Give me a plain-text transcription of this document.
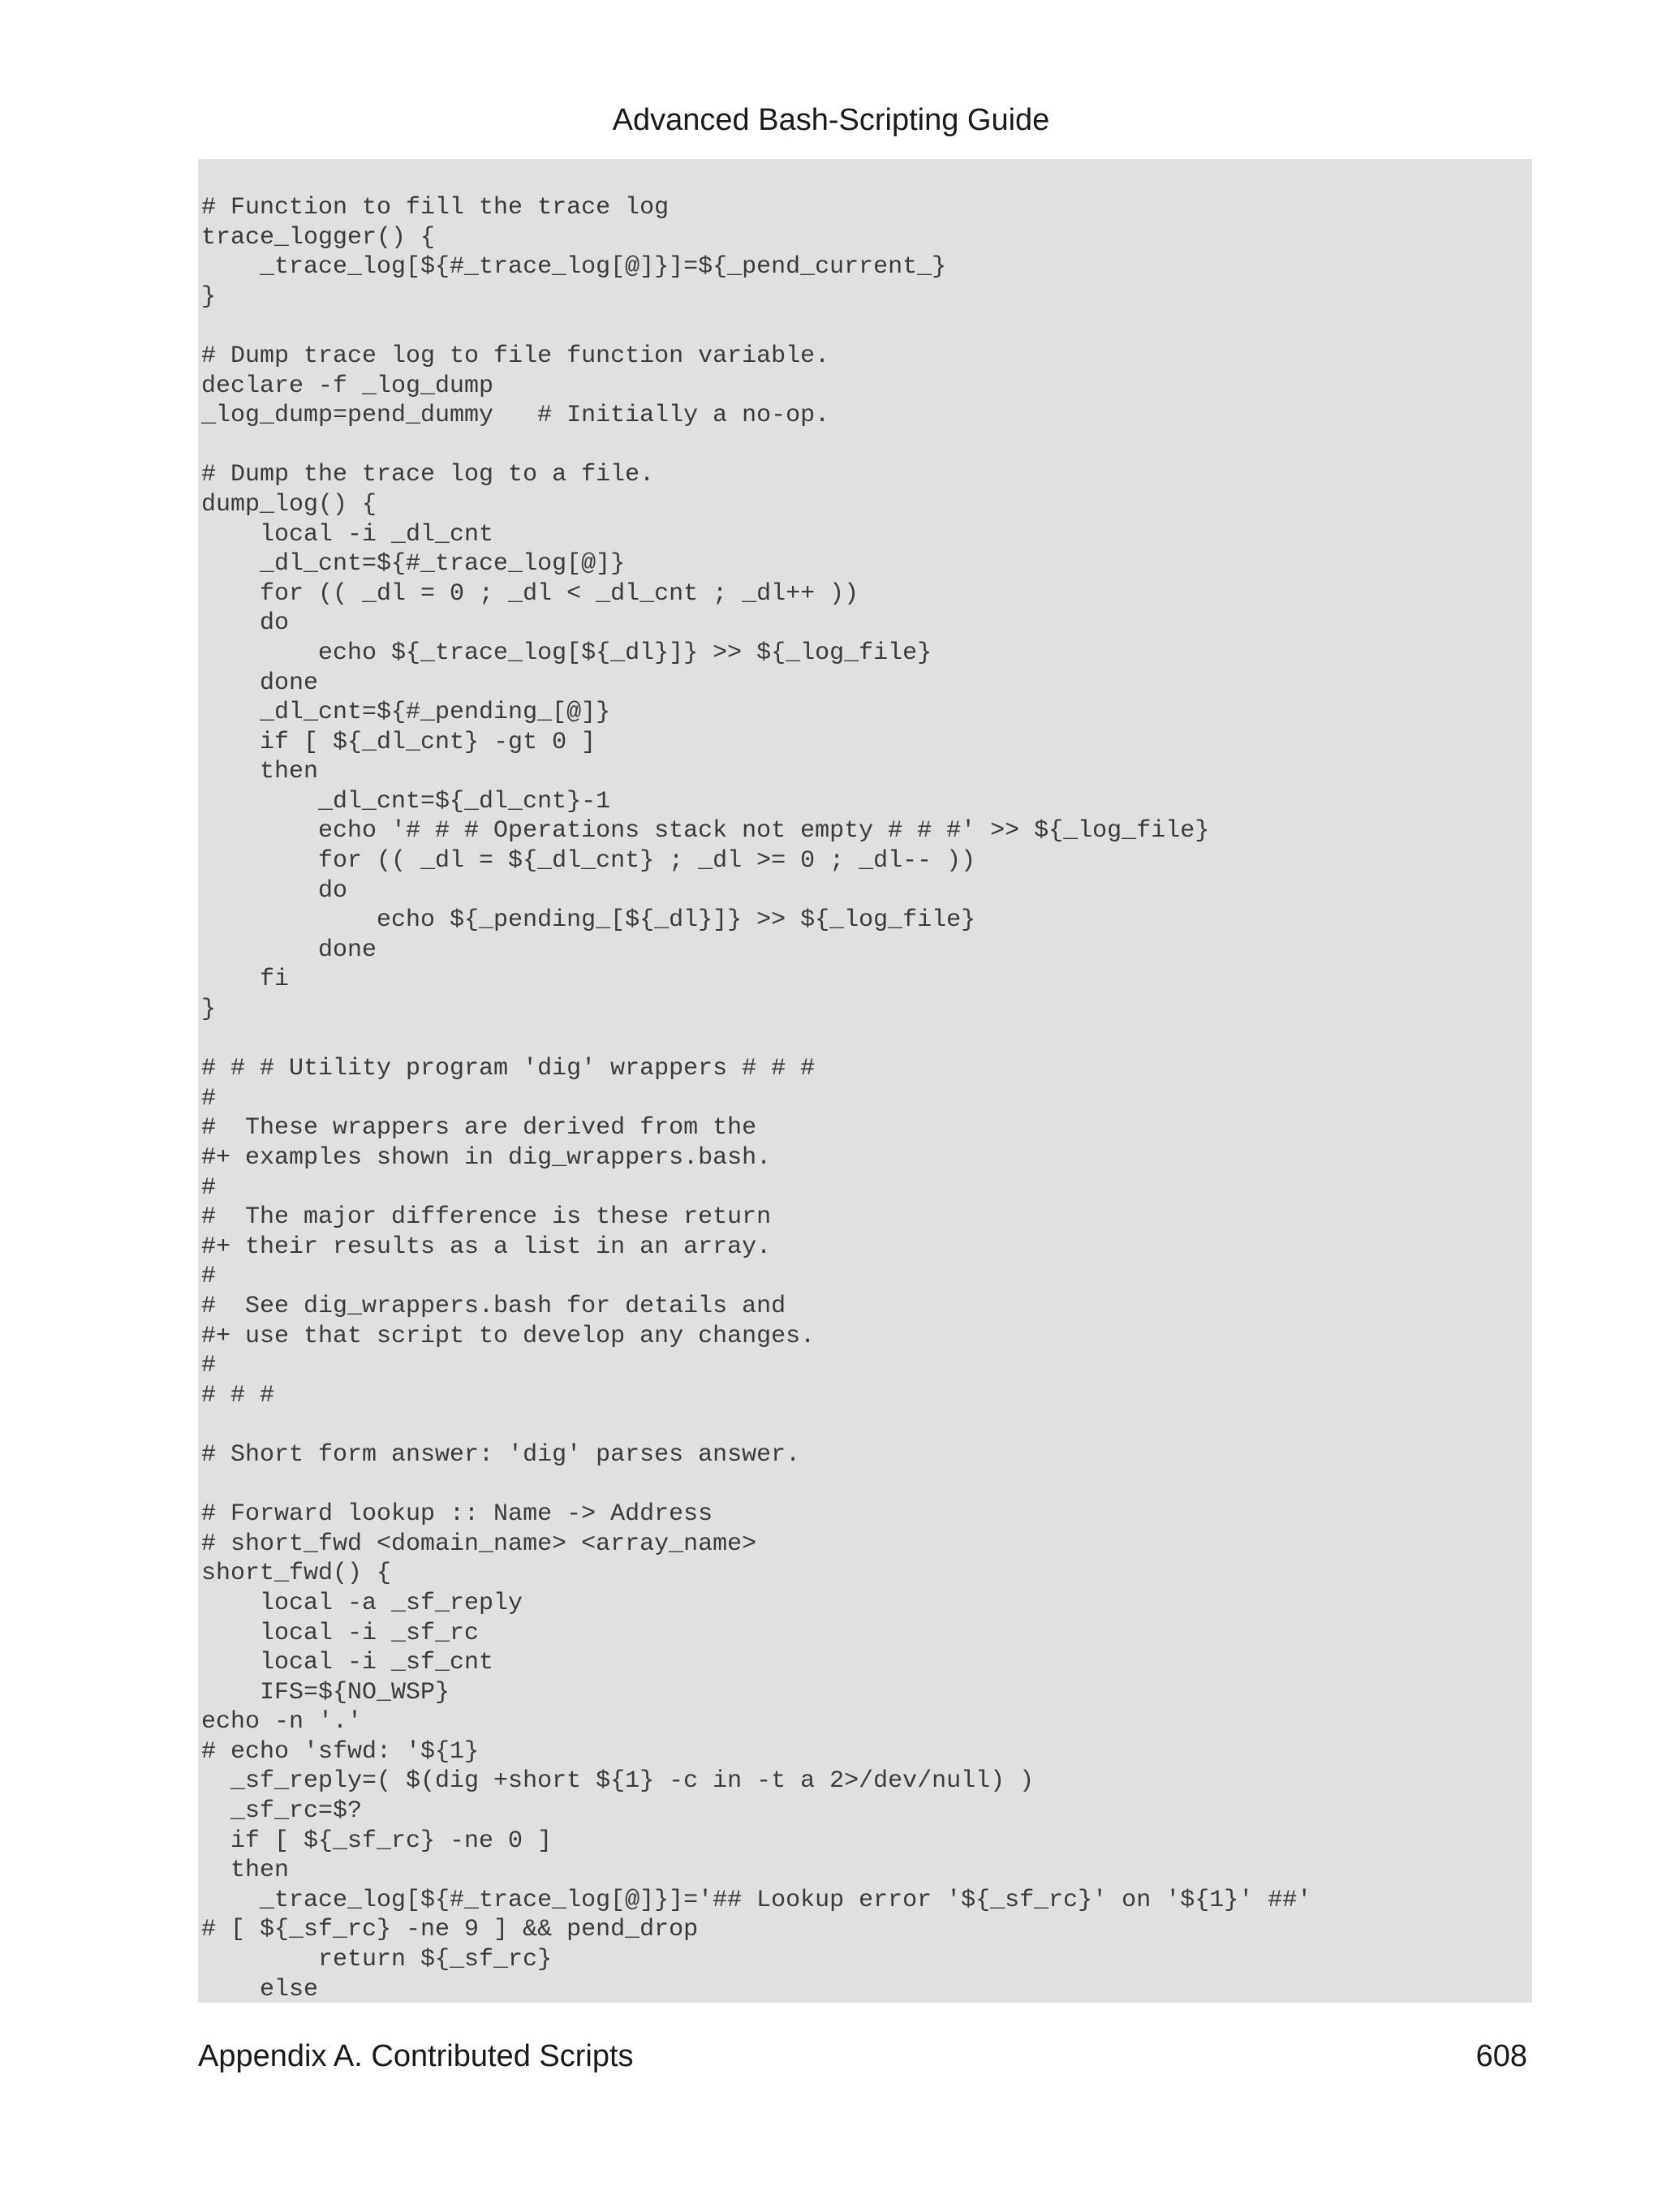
Advanced Bash-Scripting Guide
# Function to fill the trace log
trace_logger() {
_trace_log[${#_trace_log[@]}]=${_pend_current_}
}
# Dump trace log to file function variable.
declare -f _log_dump
_log_dump=pend_dummy   # Initially a no-op.
# Dump the trace log to a file.
dump_log() {
local -i _dl_cnt
_dl_cnt=${#_trace_log[@]}
for (( _dl = 0 ; _dl < _dl_cnt ; _dl++ ))
do
echo ${_trace_log[${_dl}]} >> ${_log_file}
done
_dl_cnt=${#_pending_[@]}
if [ ${_dl_cnt} -gt 0 ]
then
_dl_cnt=${_dl_cnt}-1
echo '# # # Operations stack not empty # # #' >> ${_log_file}
for (( _dl = ${_dl_cnt} ; _dl >= 0 ; _dl-- ))
do
echo ${_pending_[${_dl}]} >> ${_log_file}
done
fi
}
# # # Utility program 'dig' wrappers # # #
#
#  These wrappers are derived from the
#+ examples shown in dig_wrappers.bash.
#
#  The major difference is these return
#+ their results as a list in an array.
#
#  See dig_wrappers.bash for details and
#+ use that script to develop any changes.
#
# # #
# Short form answer: 'dig' parses answer.
# Forward lookup :: Name -> Address
# short_fwd <domain_name> <array_name>
short_fwd() {
local -a _sf_reply
local -i _sf_rc
local -i _sf_cnt
IFS=${NO_WSP}
echo -n '.'
# echo 'sfwd: '${1}
_sf_reply=( $(dig +short ${1} -c in -t a 2>/dev/null) )
_sf_rc=$?
if [ ${_sf_rc} -ne 0 ]
then
_trace_log[${#_trace_log[@]}]='## Lookup error '${_sf_rc}' on '${1}' ##'
# [ ${_sf_rc} -ne 9 ] && pend_drop
return ${_sf_rc}
else
Appendix A. Contributed Scripts	608
